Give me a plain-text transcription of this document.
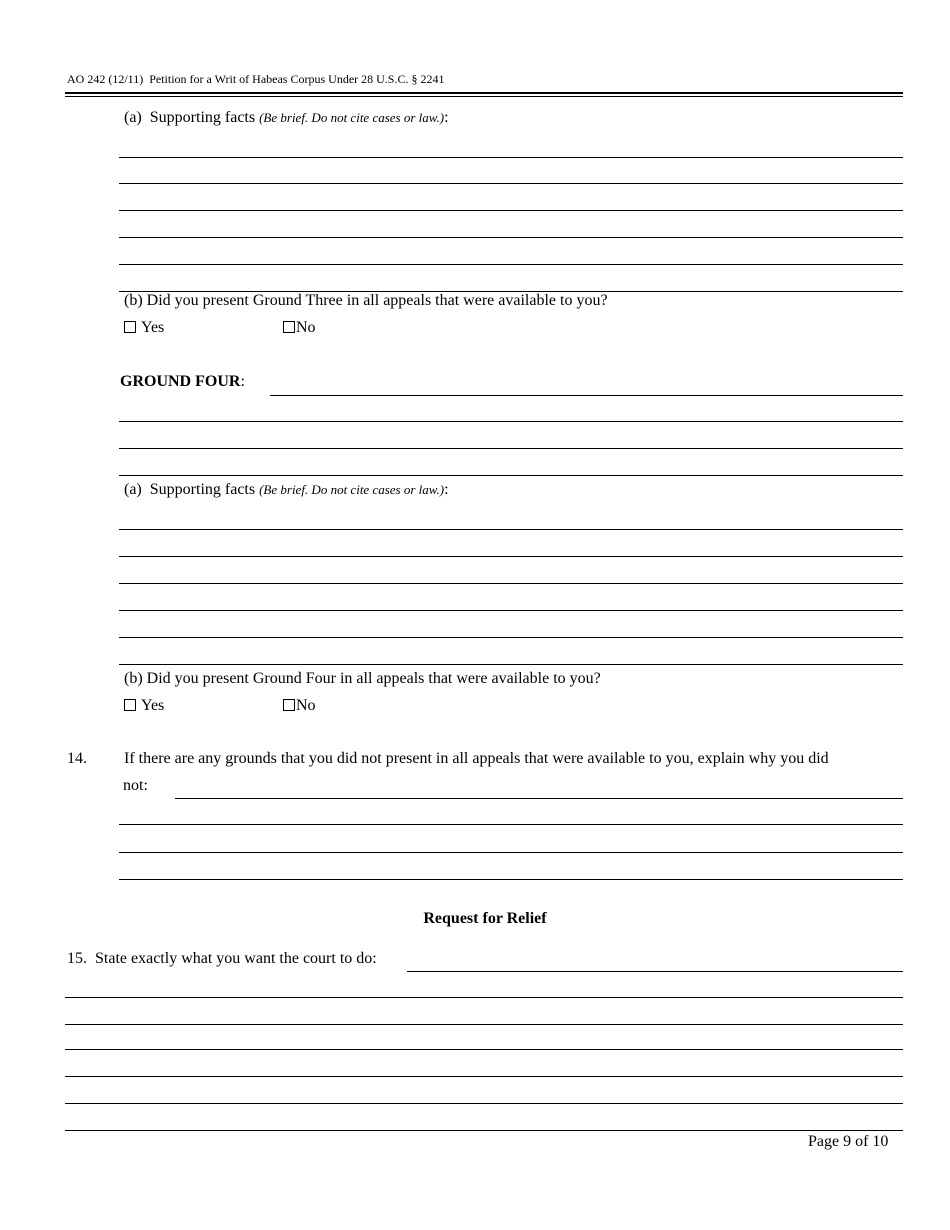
AO 242 (12/11) Petition for a Writ of Habeas Corpus Under 28 U.S.C. § 2241
(a) Supporting facts (Be brief. Do not cite cases or law.):
(b) Did you present Ground Three in all appeals that were available to you?
Yes	No
GROUND FOUR:
(a) Supporting facts (Be brief. Do not cite cases or law.):
(b) Did you present Ground Four in all appeals that were available to you?
Yes	No
14. If there are any grounds that you did not present in all appeals that were available to you, explain why you did
not:
Request for Relief
15. State exactly what you want the court to do:
Page 9 of 10
